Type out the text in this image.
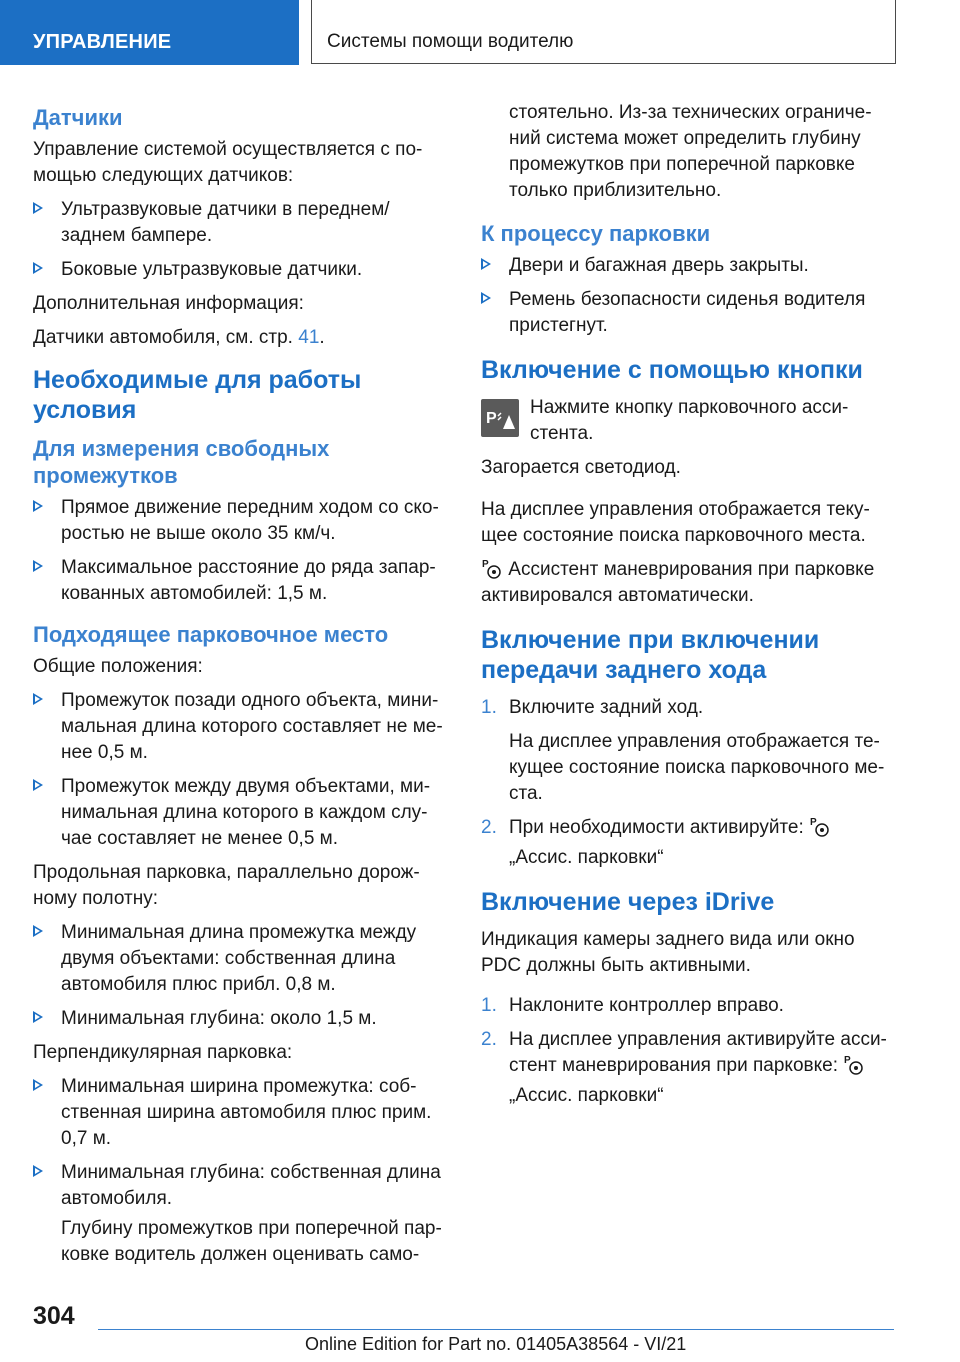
УПРАВЛЕНИЕ	Системы помощи водителю
Датчики

Управление системой осуществляется с по-мощью следующих датчиков:

Ультразвуковые датчики в переднем/заднем бампере.

Боковые ультразвуковые датчики.

Дополнительная информация:

Датчики автомобиля, см. стр. 41.

Необходимые для работы условия
Для измерения свободных промежутков

Прямое движение передним ходом со ско-ростью не выше около 35 км/ч.

Максимальное расстояние до ряда запар-кованных автомобилей: 1,5 м.

Подходящее парковочное место

Общие положения:

Промежуток позади одного объекта, мини-мальная длина которого составляет не ме-нее 0,5 м.

Промежуток между двумя объектами, ми-нимальная длина которого в каждом слу-чае составляет не менее 0,5 м.

Продольная парковка, параллельно дорож-ному полотну:

Минимальная длина промежутка между двумя объектами: собственная длина автомобиля плюс прибл. 0,8 м.

Минимальная глубина: около 1,5 м.

Перпендикулярная парковка:

Минимальная ширина промежутка: соб-ственная ширина автомобиля плюс прим. 0,7 м.

Минимальная глубина: собственная длина автомобиля.

Глубину промежутков при поперечной пар-ковке водитель должен оценивать само-

стоятельно. Из-за технических ограниче-ний система может определить глубину промежутков при поперечной парковке только приблизительно.

К процессу парковки

Двери и багажная дверь закрыты.

Ремень безопасности сиденья водителя пристегнут.

Включение с помощью кнопки
P

Нажмите кнопку парковочного асси-стента.

Загорается светодиод.

На дисплее управления отображается теку-щее состояние поиска парковочного места.

P Ассистент маневрирования при парковке активировался автоматически.

Включение при включении передачи заднего хода
1. Включите задний ход.

На дисплее управления отображается те-кущее состояние поиска парковочного ме-ста.

2. При необходимости активируйте: P

„Ассис. парковки“

Включение через iDrive

Индикация камеры заднего вида или окно PDC должны быть активными.

1. Наклоните контроллер вправо.

2. На дисплее управления активируйте асси-стент маневрирования при парковке: P

„Ассис. парковки“

304
Online Edition for Part no. 01405A38564 - VI/21
